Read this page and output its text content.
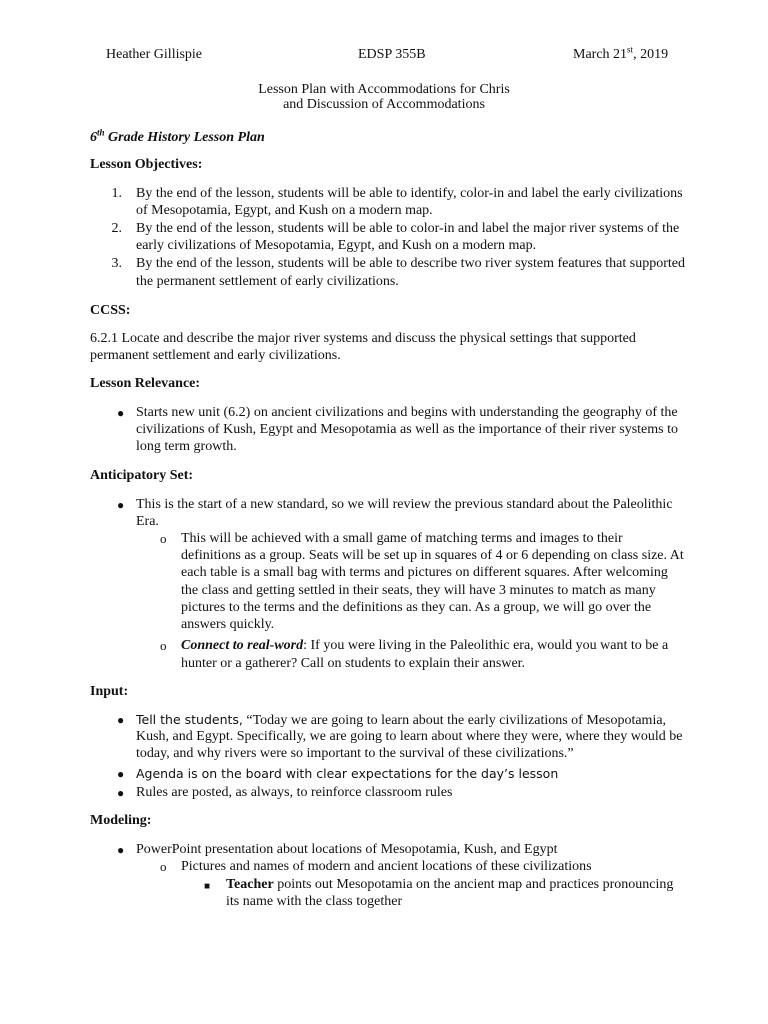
Heather Gillispie	EDSP 355B	March 21st, 2019
Lesson Plan with Accommodations for Chris
and Discussion of Accommodations
6th Grade History Lesson Plan
Lesson Objectives:
1. By the end of the lesson, students will be able to identify, color-in and label the early civilizations
of Mesopotamia, Egypt, and Kush on a modern map.
2. By the end of the lesson, students will be able to color-in and label the major river systems of the
early civilizations of Mesopotamia, Egypt, and Kush on a modern map.
3. By the end of the lesson, students will be able to describe two river system features that supported
the permanent settlement of early civilizations.
CCSS:
6.2.1 Locate and describe the major river systems and discuss the physical settings that supported
permanent settlement and early civilizations.
Lesson Relevance:
● Starts new unit (6.2) on ancient civilizations and begins with understanding the geography of the
civilizations of Kush, Egypt and Mesopotamia as well as the importance of their river systems to
long term growth.
Anticipatory Set:
● This is the start of a new standard, so we will review the previous standard about the Paleolithic
Era.
o This will be achieved with a small game of matching terms and images to their
definitions as a group. Seats will be set up in squares of 4 or 6 depending on class size. At
each table is a small bag with terms and pictures on different squares. After welcoming
the class and getting settled in their seats, they will have 3 minutes to match as many
pictures to the terms and the definitions as they can. As a group, we will go over the
answers quickly.
o Connect to real-word: If you were living in the Paleolithic era, would you want to be a
hunter or a gatherer? Call on students to explain their answer.
Input:
● Tell the students, “Today we are going to learn about the early civilizations of Mesopotamia,
Kush, and Egypt. Specifically, we are going to learn about where they were, where they would be
today, and why rivers were so important to the survival of these civilizations.”
● Agenda is on the board with clear expectations for the day’s lesson
● Rules are posted, as always, to reinforce classroom rules
Modeling:
● PowerPoint presentation about locations of Mesopotamia, Kush, and Egypt
o Pictures and names of modern and ancient locations of these civilizations
■ Teacher points out Mesopotamia on the ancient map and practices pronouncing
its name with the class together
